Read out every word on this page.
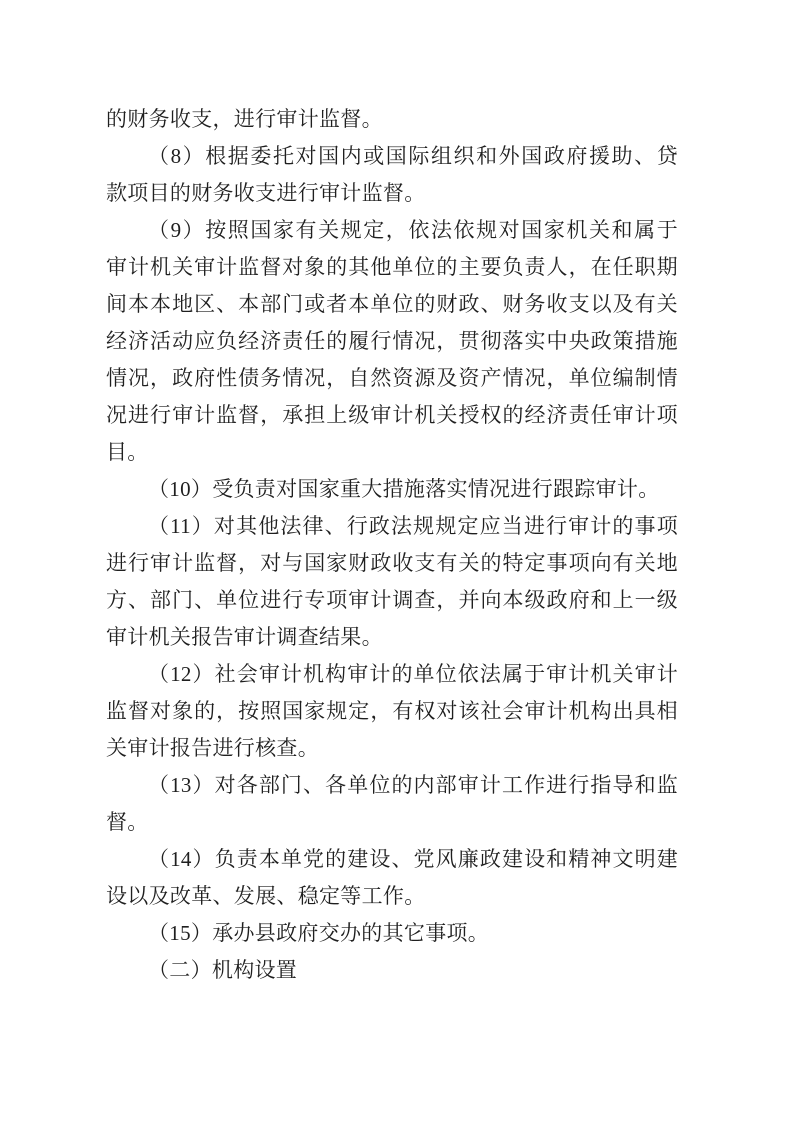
的财务收支，进行审计监督。
（8）根据委托对国内或国际组织和外国政府援助、贷
款项目的财务收支进行审计监督。
（9）按照国家有关规定，依法依规对国家机关和属于
审计机关审计监督对象的其他单位的主要负责人，在任职期
间本本地区、本部门或者本单位的财政、财务收支以及有关
经济活动应负经济责任的履行情况，贯彻落实中央政策措施
情况，政府性债务情况，自然资源及资产情况，单位编制情
况进行审计监督，承担上级审计机关授权的经济责任审计项
目。
（10）受负责对国家重大措施落实情况进行跟踪审计。
（11）对其他法律、行政法规规定应当进行审计的事项
进行审计监督，对与国家财政收支有关的特定事项向有关地
方、部门、单位进行专项审计调查，并向本级政府和上一级
审计机关报告审计调查结果。
（12）社会审计机构审计的单位依法属于审计机关审计
监督对象的，按照国家规定，有权对该社会审计机构出具相
关审计报告进行核查。
（13）对各部门、各单位的内部审计工作进行指导和监
督。
（14）负责本单党的建设、党风廉政建设和精神文明建
设以及改革、发展、稳定等工作。
（15）承办县政府交办的其它事项。
（二）机构设置
